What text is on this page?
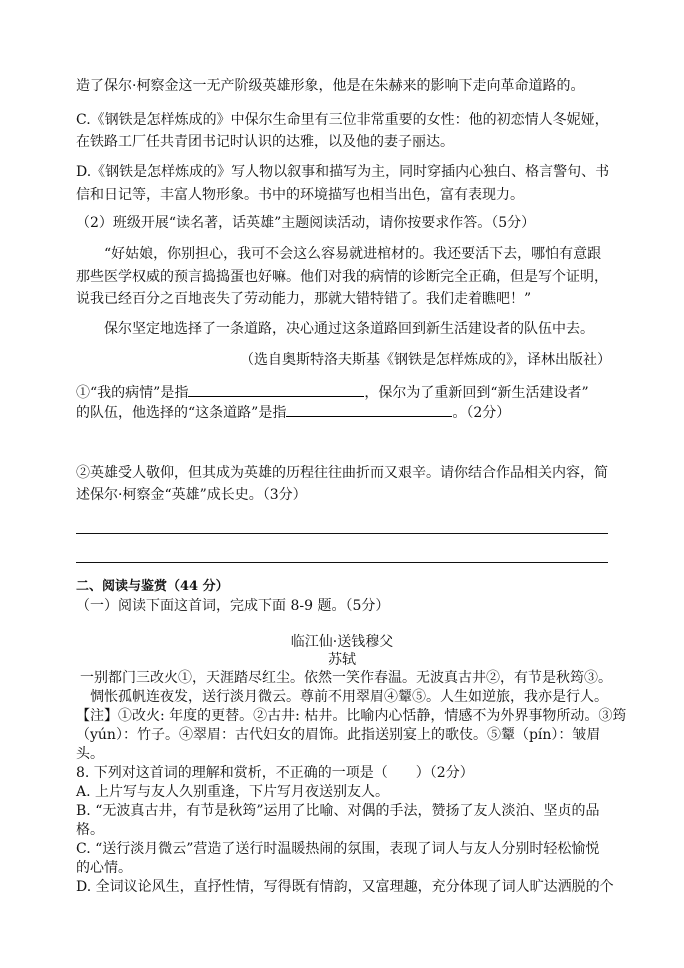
造了保尔·柯察金这一无产阶级英雄形象，他是在朱赫来的影响下走向革命道路的。
C.《钢铁是怎样炼成的》中保尔生命里有三位非常重要的女性：他的初恋情人冬妮娅，
在铁路工厂任共青团书记时认识的达雅，以及他的妻子丽达。
D.《钢铁是怎样炼成的》写人物以叙事和描写为主，同时穿插内心独白、格言警句、书
信和日记等，丰富人物形象。书中的环境描写也相当出色，富有表现力。
（2）班级开展“读名著，话英雄”主题阅读活动，请你按要求作答。（5分）
“好姑娘，你别担心，我可不会这么容易就进棺材的。我还要活下去，哪怕有意跟
那些医学权威的预言捣捣蛋也好嘛。他们对我的病情的诊断完全正确，但是写个证明，
说我已经百分之百地丧失了劳动能力，那就大错特错了。我们走着瞧吧！”
保尔坚定地选择了一条道路，决心通过这条道路回到新生活建设者的队伍中去。
（选自奥斯特洛夫斯基《钢铁是怎样炼成的》，译林出版社）
①“我的病情”是指	，保尔为了重新回到“新生活建设者”
的队伍，他选择的“这条道路”是指	。（2分）
②英雄受人敬仰，但其成为英雄的历程往往曲折而又艰辛。请你结合作品相关内容，简
述保尔·柯察金“英雄”成长史。（3分）
二、阅读与鉴赏（44 分）
（一）阅读下面这首词，完成下面 8-9 题。（5分）
临江仙·送钱穆父
苏轼
一别都门三改火①，天涯踏尽红尘。依然一笑作春温。无波真古井②，有节是秋筠③。
惆怅孤帆连夜发，送行淡月微云。尊前不用翠眉④颦⑤。人生如逆旅，我亦是行人。
【注】①改火: 年度的更替。②古井: 枯井。比喻内心恬静，情感不为外界事物所动。③筠
（yún）：竹子。④翠眉：古代妇女的眉饰。此指送别宴上的歌伎。⑤颦（pín）：皱眉
头。
8. 下列对这首词的理解和赏析，不正确的一项是（　　）（2分）
A. 上片写与友人久别重逢，下片写月夜送别友人。
B. “无波真古井，有节是秋筠”运用了比喻、对偶的手法，赞扬了友人淡泊、坚贞的品
格。
C. “送行淡月微云”营造了送行时温暖热闹的氛围，表现了词人与友人分别时轻松愉悦
的心情。
D. 全词议论风生，直抒性情，写得既有情韵，又富理趣，充分体现了词人旷达洒脱的个
